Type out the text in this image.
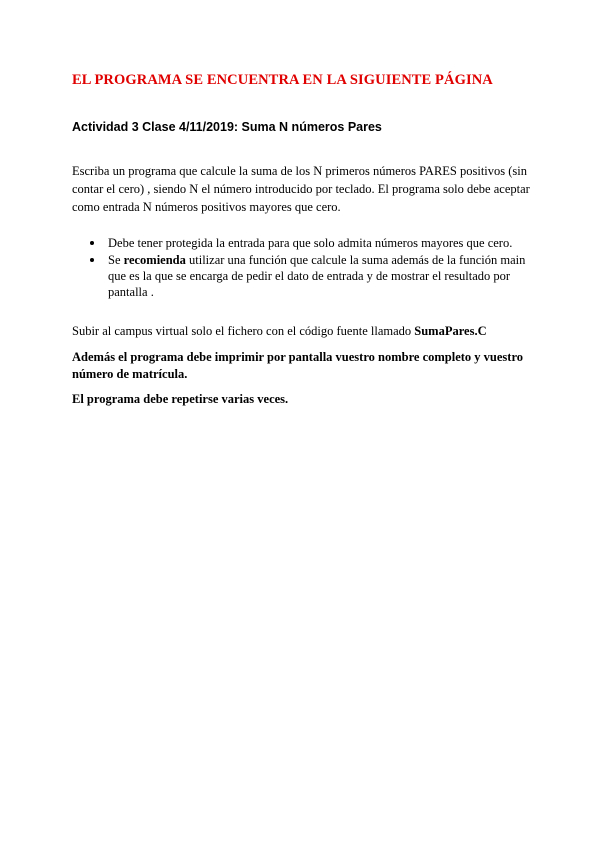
EL PROGRAMA SE ENCUENTRA EN LA SIGUIENTE PÁGINA
Actividad 3 Clase 4/11/2019: Suma N números Pares
Escriba un programa que calcule la suma de los N primeros números PARES positivos (sin contar el cero) , siendo N el número introducido por teclado. El programa solo debe aceptar como entrada N números positivos mayores que cero.
Debe tener protegida la entrada para que solo admita números mayores que cero.
Se recomienda utilizar una función que calcule la suma además de la función main que es la que se encarga de pedir el dato de entrada y de mostrar el resultado por pantalla .
Subir al campus virtual solo el fichero con el código fuente llamado SumaPares.C
Además el programa debe imprimir por pantalla vuestro nombre completo y vuestro número de matrícula.
El programa debe repetirse varias veces.
